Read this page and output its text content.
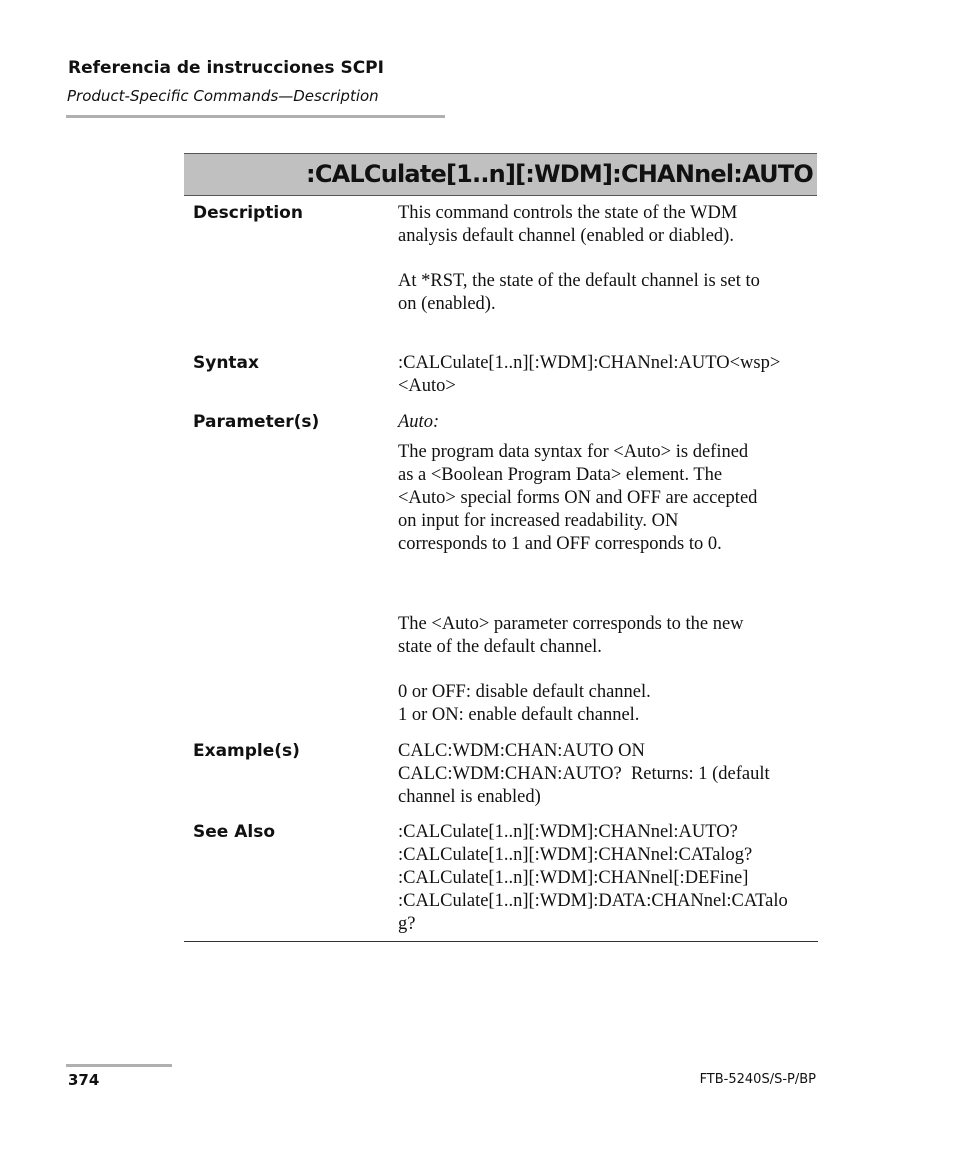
Referencia de instrucciones SCPI
Product-Specific Commands—Description
:CALCulate[1..n][:WDM]:CHANnel:AUTO
Description	This command controls the state of the WDM
analysis default channel (enabled or diabled).

At *RST, the state of the default channel is set to
on (enabled).

Syntax	:CALCulate[1..n][:WDM]:CHANnel:AUTO<wsp>
<Auto>

Parameter(s)	Auto:

The program data syntax for <Auto> is defined
as a <Boolean Program Data> element. The
<Auto> special forms ON and OFF are accepted
on input for increased readability. ON
corresponds to 1 and OFF corresponds to 0.

The <Auto> parameter corresponds to the new
state of the default channel.

0 or OFF: disable default channel.
1 or ON: enable default channel.

Example(s)	CALC:WDM:CHAN:AUTO ON
CALC:WDM:CHAN:AUTO?  Returns: 1 (default
channel is enabled)

See Also	:CALCulate[1..n][:WDM]:CHANnel:AUTO?
:CALCulate[1..n][:WDM]:CHANnel:CATalog?
:CALCulate[1..n][:WDM]:CHANnel[:DEFine]
:CALCulate[1..n][:WDM]:DATA:CHANnel:CATalo
g?

374	FTB-5240S/S-P/BP
